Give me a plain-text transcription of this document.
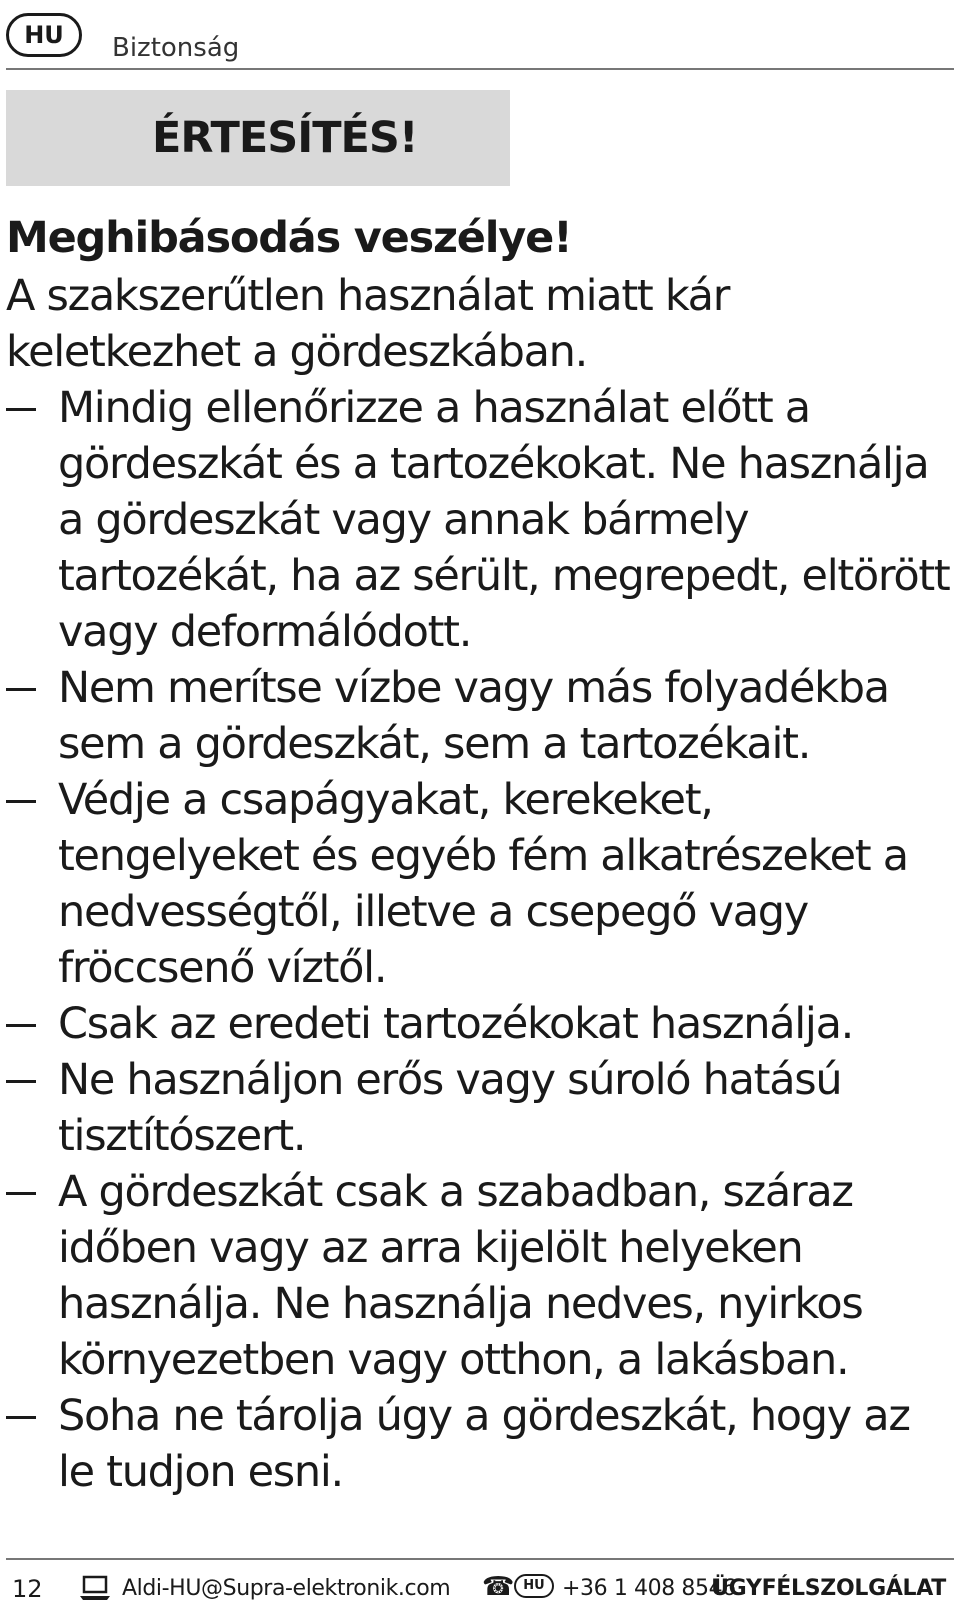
HU	Biztonság
ÉRTESÍTÉS!
Meghibásodás veszélye!

A szakszerűtlen használat miatt kár keletkezhet a gördeszkában.

Mindig ellenőrizze a használat előtt a gördeszkát és a tartozékokat. Ne használja a gördeszkát vagy annak bármely tartozékát, ha az sérült, megrepedt, eltörött vagy deformálódott.
Nem merítse vízbe vagy más folyadékba sem a gördeszkát, sem a tartozékait.
Védje a csapágyakat, kerekeket, tengelyeket és egyéb fém alkatrészeket a nedvességtől, illetve a csepegő vagy fröccsenő víztől.
Csak az eredeti tartozékokat használja.
Ne használjon erős vagy súroló hatású tisztítószert.
A gördeszkát csak a szabadban, száraz időben vagy az arra kijelölt helyeken használja. Ne használja nedves, nyirkos környezetben vagy otthon, a lakásban.
Soha ne tárolja úgy a gördeszkát, hogy az le tudjon esni.
12	Aldi-HU@Supra-elektronik.com ☎ HU +36 1 408 8546
ÜGYFÉLSZOLGÁLAT
